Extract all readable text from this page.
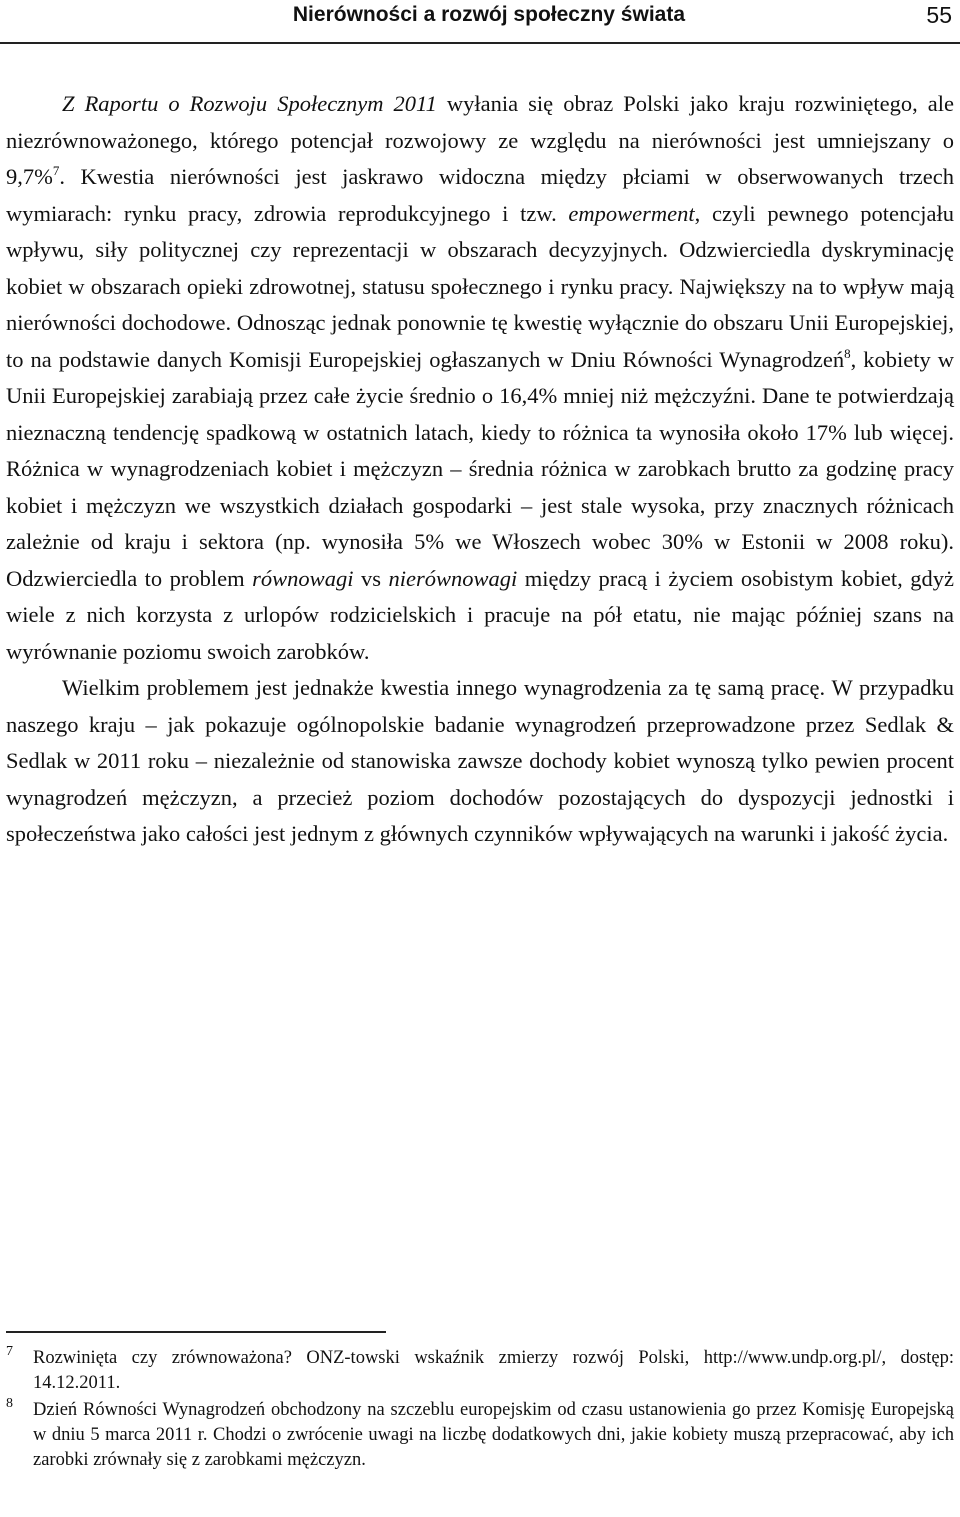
Nierówności a rozwój społeczny świata	55

Z Raportu o Rozwoju Społecznym 2011 wyłania się obraz Polski jako kraju rozwiniętego, ale niezrównoważonego, którego potencjał rozwojowy ze względu na nierówności jest umniejszany o 9,7%$^7$. Kwestia nierówności jest jaskrawo widoczna między płciami w obserwowanych trzech wymiarach: rynku pracy, zdrowia reprodukcyjnego i tzw. empowerment, czyli pewnego potencjału wpływu, siły politycznej czy reprezentacji w obszarach decyzyjnych. Odzwierciedla dyskryminację kobiet w obszarach opieki zdrowotnej, statusu społecznego i rynku pracy. Największy na to wpływ mają nierówności dochodowe. Odnosząc jednak ponownie tę kwestię wyłącznie do obszaru Unii Europejskiej, to na podstawie danych Komisji Europejskiej ogłaszanych w Dniu Równości Wynagrodzeń$^8$, kobiety w Unii Europejskiej zarabiają przez całe życie średnio o 16,4% mniej niż mężczyźni. Dane te potwierdzają nieznaczną tendencję spadkową w ostatnich latach, kiedy to różnica ta wynosiła około 17% lub więcej. Różnica w wynagrodzeniach kobiet i mężczyzn – średnia różnica w zarobkach brutto za godzinę pracy kobiet i mężczyzn we wszystkich działach gospodarki – jest stale wysoka, przy znacznych różnicach zależnie od kraju i sektora (np. wynosiła 5% we Włoszech wobec 30% w Estonii w 2008 roku). Odzwierciedla to problem równowagi vs nierównowagi między pracą i życiem osobistym kobiet, gdyż wiele z nich korzysta z urlopów rodzicielskich i pracuje na pół etatu, nie mając później szans na wyrównanie poziomu swoich zarobków.

Wielkim problemem jest jednakże kwestia innego wynagrodzenia za tę samą pracę. W przypadku naszego kraju – jak pokazuje ogólnopolskie badanie wynagrodzeń przeprowadzone przez Sedlak & Sedlak w 2011 roku – niezależnie od stanowiska zawsze dochody kobiet wynoszą tylko pewien procent wynagrodzeń mężczyzn, a przecież poziom dochodów pozostających do dyspozycji jednostki i społeczeństwa jako całości jest jednym z głównych czynników wpływających na warunki i jakość życia.

7 Rozwinięta czy zrównoważona? ONZ-towski wskaźnik zmierzy rozwój Polski, http://www.undp.org.pl/, dostęp: 14.12.2011.
8 Dzień Równości Wynagrodzeń obchodzony na szczeblu europejskim od czasu ustanowienia go przez Komisję Europejską w dniu 5 marca 2011 r. Chodzi o zwrócenie uwagi na liczbę dodatkowych dni, jakie kobiety muszą przepracować, aby ich zarobki zrównały się z zarobkami mężczyzn.
